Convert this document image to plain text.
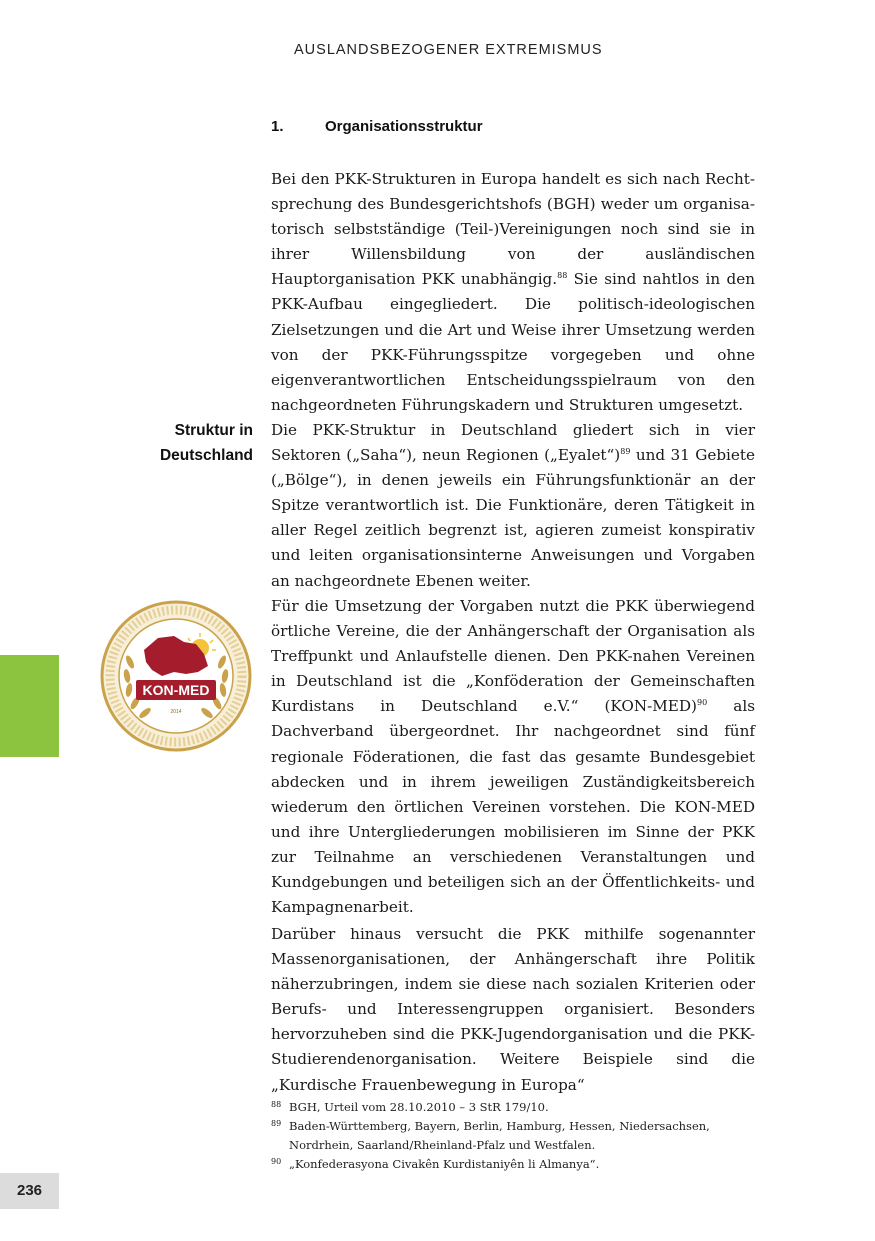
AUSLANDSBEZOGENER EXTREMISMUS
1.	Organisationsstruktur

Bei den PKK-Strukturen in Europa handelt es sich nach Rechtsprechung des Bundesgerichtshofs (BGH) weder um organisatorisch selbstständige (Teil-)Vereinigungen noch sind sie in ihrer Willensbildung von der ausländischen Hauptorganisation PKK unabhängig.$^{88}$ Sie sind nahtlos in den PKK-Aufbau eingegliedert. Die politisch-ideologischen Zielsetzungen und die Art und Weise ihrer Umsetzung werden von der PKK-Führungsspitze vorgegeben und ohne eigenverantwortlichen Entscheidungsspielraum von den nachgeordneten Führungskadern und Strukturen umgesetzt.

Struktur in
Deutschland

Die PKK-Struktur in Deutschland gliedert sich in vier Sektoren („Saha“), neun Regionen („Eyalet“)$^{89}$ und 31 Gebiete („Bölge“), in denen jeweils ein Führungsfunktionär an der Spitze verantwortlich ist. Die Funktionäre, deren Tätigkeit in aller Regel zeitlich begrenzt ist, agieren zumeist konspirativ und leiten organisationsinterne Anweisungen und Vorgaben an nachgeordnete Ebenen weiter.

KON-MED
2014

Für die Umsetzung der Vorgaben nutzt die PKK überwiegend örtliche Vereine, die der Anhängerschaft der Organisation als Treffpunkt und Anlaufstelle dienen. Den PKK-nahen Vereinen in Deutschland ist die „Konföderation der Gemeinschaften Kurdistans in Deutschland e.V.“ $(KON-MED)^{90}$ als Dachverband übergeordnet. Ihr nachgeordnet sind fünf regionale Föderationen, die fast das gesamte Bundesgebiet abdecken und in ihrem jeweiligen Zuständigkeitsbereich wiederum den örtlichen Vereinen vorstehen. Die KON-MED und ihre Untergliederungen mobilisieren im Sinne der PKK zur Teilnahme an verschiedenen Veranstaltungen und Kundgebungen und beteiligen sich an der Öffentlichkeits- und Kampagnenarbeit.

Darüber hinaus versucht die PKK mithilfe sogenannter Massenorganisationen, der Anhängerschaft ihre Politik näherzubringen, indem sie diese nach sozialen Kriterien oder Berufs- und Interessengruppen organisiert. Besonders hervorzuheben sind die PKK-Jugendorganisation und die PKK-Studierendenorganisation. Weitere Beispiele sind die „Kurdische Frauenbewegung in Europa“

88 BGH, Urteil vom 28.10.2010 – 3 StR 179/10.
89 Baden-Württemberg, Bayern, Berlin, Hamburg, Hessen, Niedersachsen, Nordrhein, Saarland/Rheinland-Pfalz und Westfalen.
90 „Konfederasyona Civakên Kurdistaniyên li Almanya“.
236
